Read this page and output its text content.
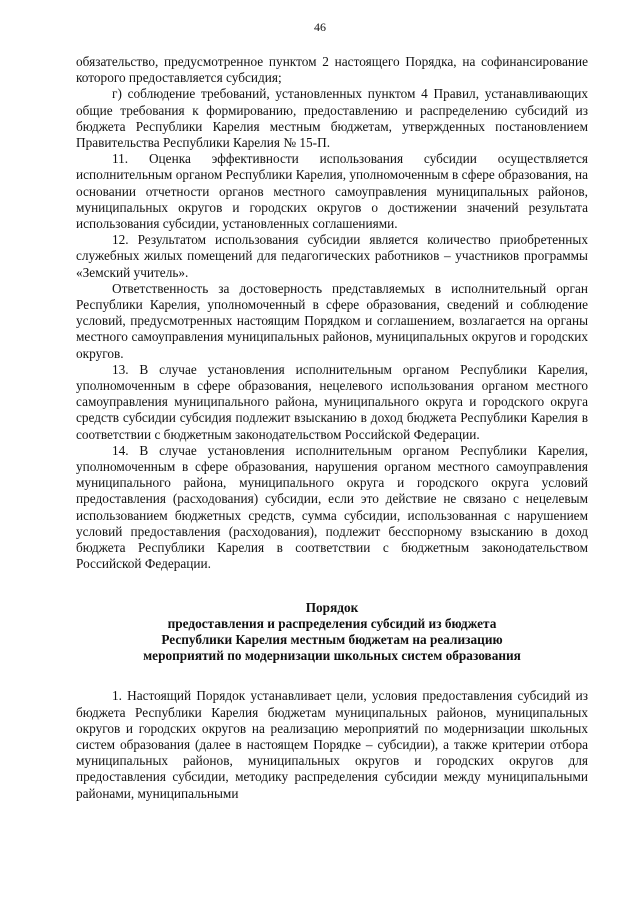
46

обязательство, предусмотренное пунктом 2 настоящего Порядка, на софинансирование которого предоставляется субсидия;

г) соблюдение требований, установленных пунктом 4 Правил, устанавливающих общие требования к формированию, предоставлению и распределению субсидий из бюджета Республики Карелия местным бюджетам, утвержденных постановлением Правительства Республики Карелия № 15-П.

11. Оценка эффективности использования субсидии осуществляется исполнительным органом Республики Карелия, уполномоченным в сфере образования, на основании отчетности органов местного самоуправления муниципальных районов, муниципальных округов и городских округов о достижении значений результата использования субсидии, установленных соглашениями.

12. Результатом использования субсидии является количество приобретенных служебных жилых помещений для педагогических работников – участников программы «Земский учитель».

Ответственность за достоверность представляемых в исполнительный орган Республики Карелия, уполномоченный в сфере образования, сведений и соблюдение условий, предусмотренных настоящим Порядком и соглашением, возлагается на органы местного самоуправления муниципальных районов, муниципальных округов и городских округов.

13. В случае установления исполнительным органом Республики Карелия, уполномоченным в сфере образования, нецелевого использования органом местного самоуправления муниципального района, муниципального округа и городского округа средств субсидии субсидия подлежит взысканию в доход бюджета Республики Карелия в соответствии с бюджетным законодательством Российской Федерации.

14. В случае установления исполнительным органом Республики Карелия, уполномоченным в сфере образования, нарушения органом местного самоуправления муниципального района, муниципального округа и городского округа условий предоставления (расходования) субсидии, если это действие не связано с нецелевым использованием бюджетных средств, сумма субсидии, использованная с нарушением условий предоставления (расходования), подлежит бесспорному взысканию в доход бюджета Республики Карелия в соответствии с бюджетным законодательством Российской Федерации.

Порядок
предоставления и распределения субсидий из бюджета
Республики Карелия местным бюджетам на реализацию
мероприятий по модернизации школьных систем образования

1. Настоящий Порядок устанавливает цели, условия предоставления субсидий из бюджета Республики Карелия бюджетам муниципальных районов, муниципальных округов и городских округов на реализацию мероприятий по модернизации школьных систем образования (далее в настоящем Порядке – субсидии), а также критерии отбора муниципальных районов, муниципальных округов и городских округов для предоставления субсидии, методику распределения субсидии между муниципальными районами, муниципальными
